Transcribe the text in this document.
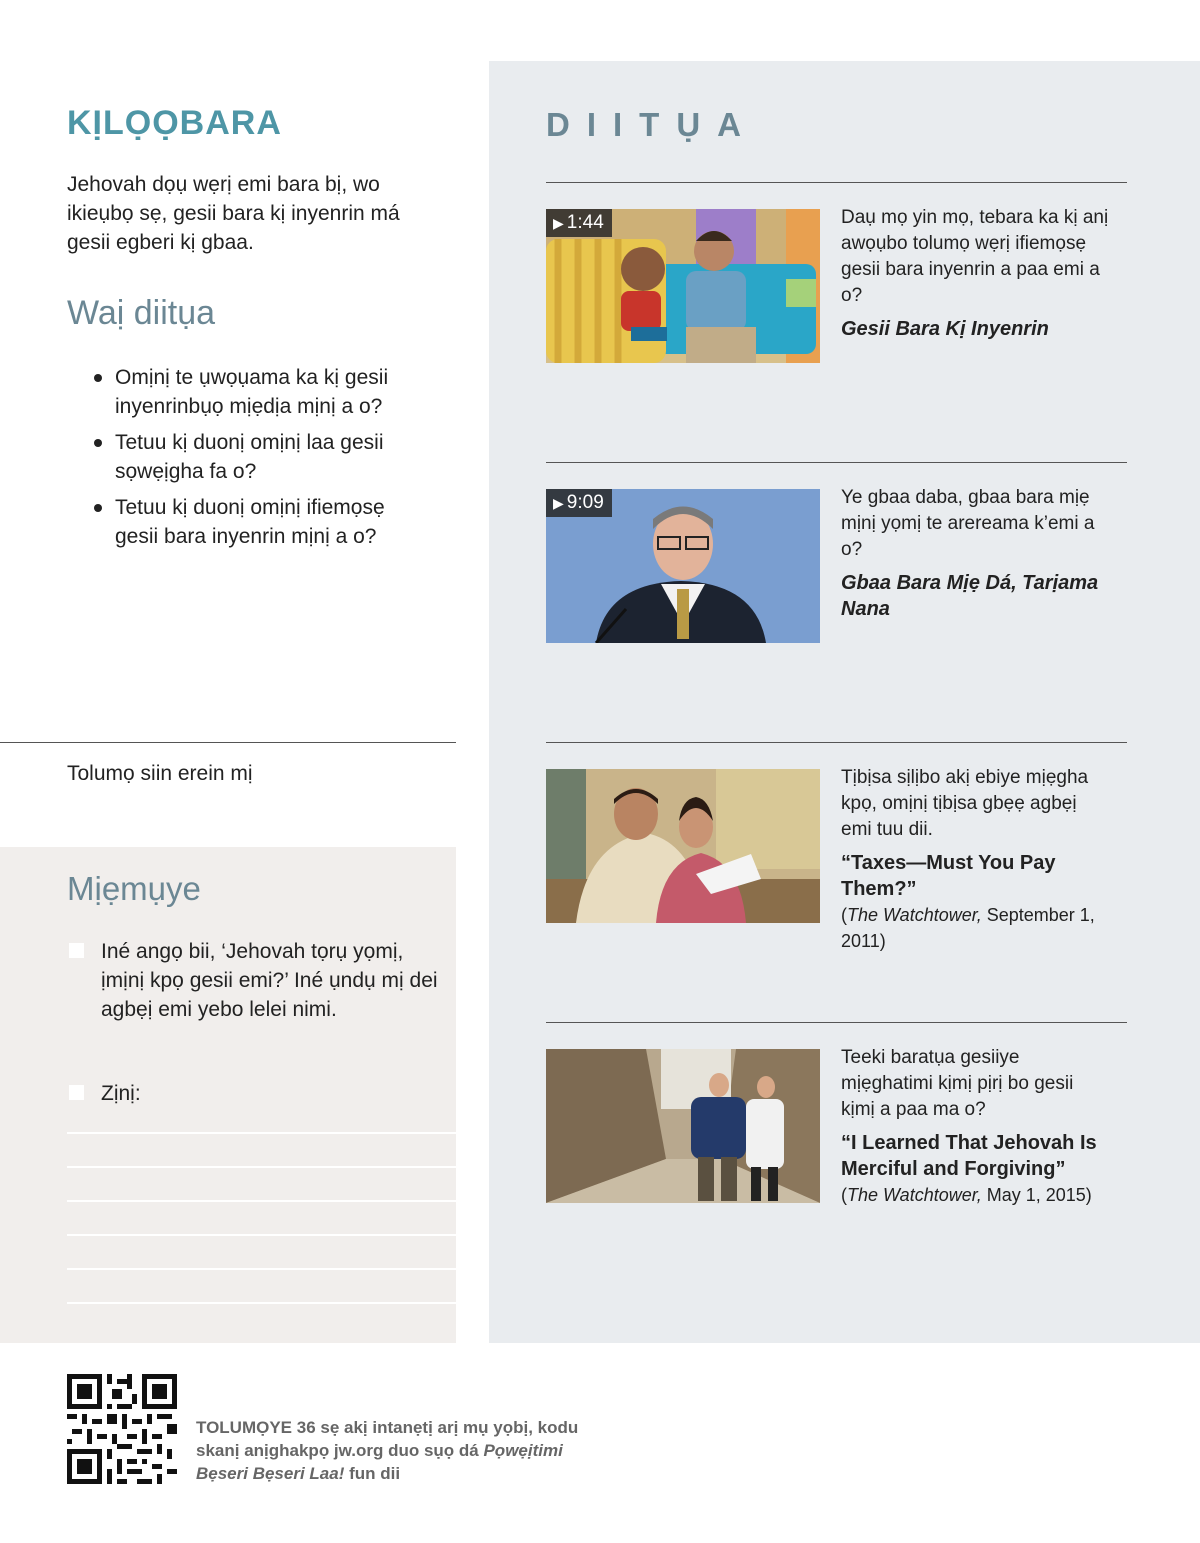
KỊLỌỌBARA
Jehovah dọụ wẹrị emi bara bị, wo ikieụbọ sẹ, gesii bara kị inyenrin má gesii egberi kị gbaa.
Waị diitụa
Omịnị te ụwọụama ka kị gesii inyenrinbụọ mịẹdịa mịnị a o?
Tetuu kị duonị omịnị laa gesii sọwẹịgha fa o?
Tetuu kị duonị omịnị ifiemọsẹ gesii bara inyenrin mịnị a o?
Tolumọ siin erein mị
Mịẹmụye
Iné angọ bii, ‘Jehovah tọrụ yọmị, ịmịnị kpọ gesii emi?’ Iné ụndụ mị dei agbẹị emi yebo lelei nimi.
Zịnị:
DIITỤA
▶ 1:44	Daụ mọ yin mọ, tebara ka kị anị awọụbo tolumọ wẹrị ifiemọsẹ gesii bara inyenrin a paa emi a o?
Gesii Bara Kị Inyenrin
▶ 9:09	Ye gbaa daba, gbaa bara mịẹ mịnị yọmị te arereama k’emi a o?
Gbaa Bara Mịẹ Dá, Tarịama Nana
Tịbịsa sịlịbo akị ebiye mịẹgha kpọ, omịnị tịbịsa gbẹẹ agbẹị emi tuu dii.
“Taxes—Must You Pay Them?”
(The Watchtower, September 1, 2011)
Teeki baratụa gesiiye mịẹghatimi kịmị pịrị bo gesii kịmị a paa ma o?
“I Learned That Jehovah Is Merciful and Forgiving”
(The Watchtower, May 1, 2015)
TOLUMỌYE 36 sẹ akị intanẹtị arị mụ yọbị, kodu skanị anịghakpọ jw.org duo sụọ dá Pọwẹịtimi Bẹseri Bẹseri Laa! fun dii
